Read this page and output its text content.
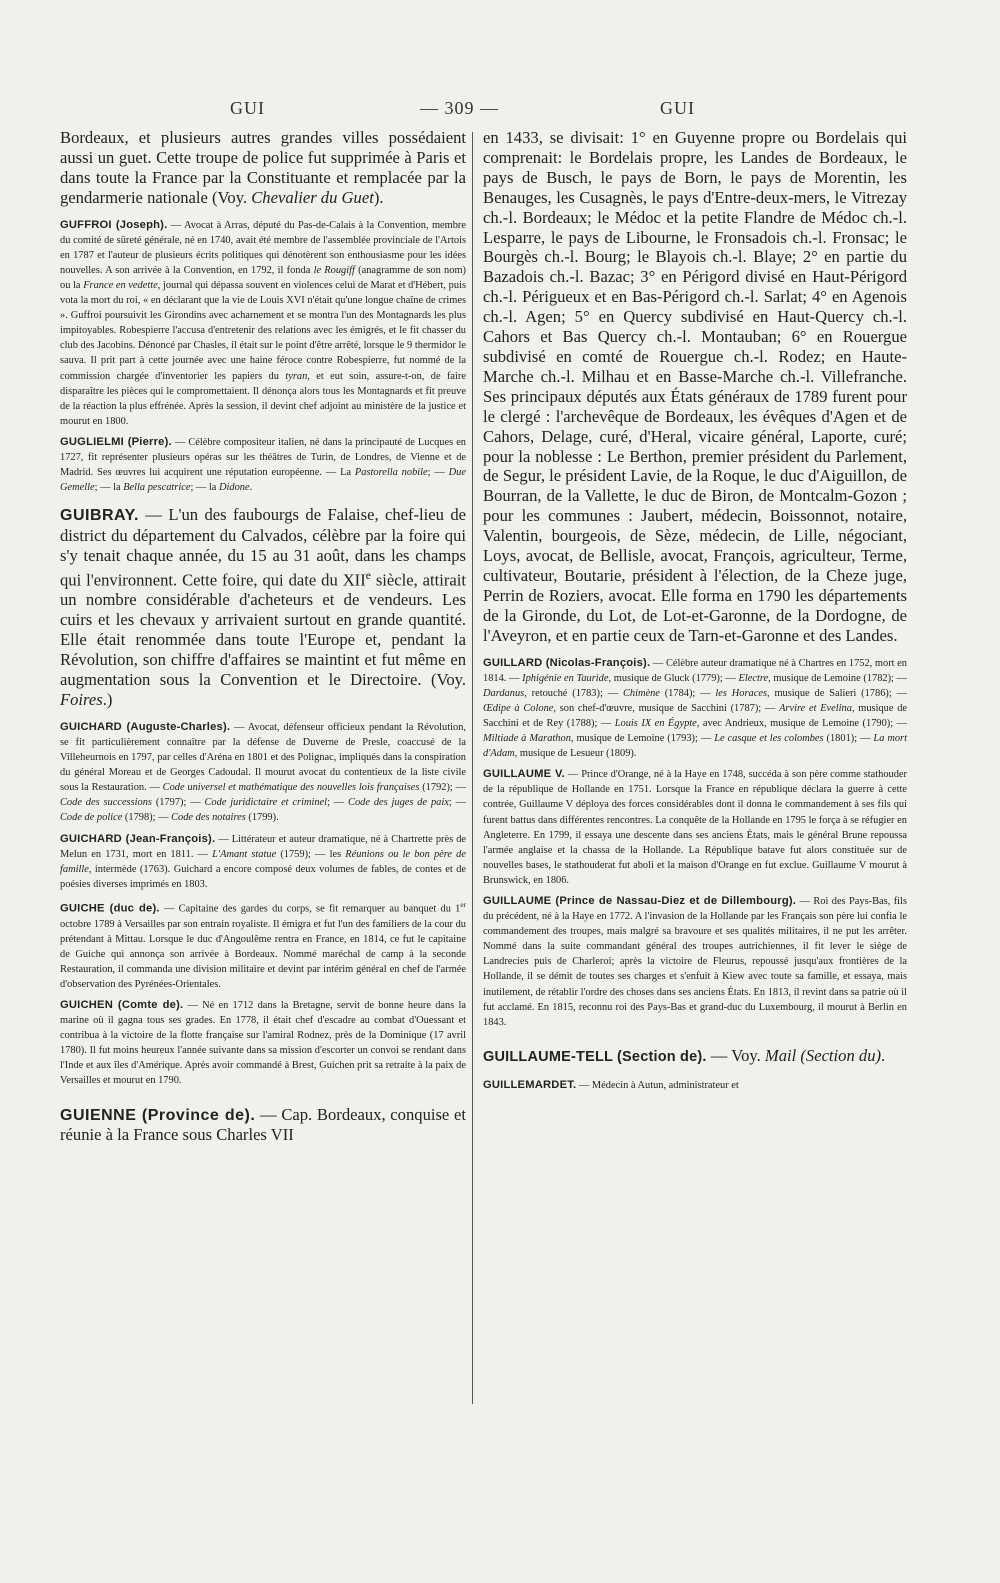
GUI	— 309 —	GUI

Bordeaux, et plusieurs autres grandes villes possédaient aussi un guet. Cette troupe de police fut supprimée à Paris et dans toute la France par la Constituante et remplacée par la gendarmerie nationale (Voy. Chevalier du Guet).

GUFFROI (Joseph). — Avocat à Arras, député du Pas-de-Calais à la Convention, membre du comité de sûreté générale, né en 1740, avait été membre de l'assemblée provinciale de l'Artois en 1787 et l'auteur de plusieurs écrits politiques qui dénotèrent son enthousiasme pour les idées nouvelles. A son arrivée à la Convention, en 1792, il fonda le Rougiff (anagramme de son nom) ou la France en vedette, journal qui dépassa souvent en violences celui de Marat et d'Hébert, puis vota la mort du roi, « en déclarant que la vie de Louis XVI n'était qu'une longue chaîne de crimes ». Guffroi poursuivit les Girondins avec acharnement et se montra l'un des Montagnards les plus impitoyables. Robespierre l'accusa d'entretenir des relations avec les émigrés, et le fit chasser du club des Jacobins. Dénoncé par Chasles, il était sur le point d'être arrêté, lorsque le 9 thermidor le sauva. Il prit part à cette journée avec une haine féroce contre Robespierre, fut nommé de la commission chargée d'inventorier les papiers du tyran, et eut soin, assure-t-on, de faire disparaître les pièces qui le compromettaient. Il dénonça alors tous les Montagnards et fit preuve de la réaction la plus effrénée. Après la session, il devint chef adjoint au ministère de la justice et mourut en 1800.

GUGLIELMI (Pierre). — Célèbre compositeur italien, né dans la principauté de Lucques en 1727, fit représenter plusieurs opéras sur les théâtres de Turin, de Londres, de Vienne et de Madrid. Ses œuvres lui acquirent une réputation européenne. — La Pastorella nobile; — Due Gemelle; — la Bella pescatrice; — la Didone.

GUIBRAY. — L'un des faubourgs de Falaise, chef-lieu de district du département du Calvados, célèbre par la foire qui s'y tenait chaque année, du 15 au 31 août, dans les champs qui l'environnent. Cette foire, qui date du XIIe siècle, attirait un nombre considérable d'acheteurs et de vendeurs. Les cuirs et les chevaux y arrivaient surtout en grande quantité. Elle était renommée dans toute l'Europe et, pendant la Révolution, son chiffre d'affaires se maintint et fut même en augmentation sous la Convention et le Directoire. (Voy. Foires.)

GUICHARD (Auguste-Charles). — Avocat, défenseur officieux pendant la Révolution, se fit particulièrement connaître par la défense de Duverne de Presle, coaccusé de la Villeheurnois en 1797, par celles d'Aréna en 1801 et des Polignac, impliqués dans la conspiration du général Moreau et de Georges Cadoudal. Il mourut avocat du contentieux de la liste civile sous la Restauration. — Code universel et mathématique des nouvelles lois françaises (1792); — Code des successions (1797); — Code juridictaire et criminel; — Code des juges de paix; — Code de police (1798); — Code des notaires (1799).

GUICHARD (Jean-François). — Littérateur et auteur dramatique, né à Chartrette près de Melun en 1731, mort en 1811. — L'Amant statue (1759); — les Réunions ou le bon père de famille, intermède (1763). Guichard a encore composé deux volumes de fables, de contes et de poésies diverses imprimés en 1803.

GUICHE (duc de). — Capitaine des gardes du corps, se fit remarquer au banquet du 1er octobre 1789 à Versailles par son entrain royaliste. Il émigra et fut l'un des familiers de la cour du prétendant à Mittau. Lorsque le duc d'Angoulême rentra en France, en 1814, ce fut le capitaine de Guiche qui annonça son arrivée à Bordeaux. Nommé maréchal de camp à la seconde Restauration, il commanda une division militaire et devint par intérim général en chef de l'armée d'observation des Pyrénées-Orientales.

GUICHEN (Comte de). — Né en 1712 dans la Bretagne, servit de bonne heure dans la marine où il gagna tous ses grades. En 1778, il était chef d'escadre au combat d'Ouessant et contribua à la victoire de la flotte française sur l'amiral Rodnez, près de la Dominique (17 avril 1780). Il fut moins heureux l'année suivante dans sa mission d'escorter un convoi se rendant dans l'Inde et aux îles d'Amérique. Après avoir commandé à Brest, Guichen prit sa retraite à la paix de Versailles et mourut en 1790.

GUIENNE (Province de). — Cap. Bordeaux, conquise et réunie à la France sous Charles VII

en 1433, se divisait: 1° en Guyenne propre ou Bordelais qui comprenait: le Bordelais propre, les Landes de Bordeaux, le pays de Busch, le pays de Born, le pays de Morentin, les Benauges, les Cusagnès, le pays d'Entre-deux-mers, le Vitrezay ch.-l. Bordeaux; le Médoc et la petite Flandre de Médoc ch.-l. Lesparre, le pays de Libourne, le Fronsadois ch.-l. Fronsac; le Bourgès ch.-l. Bourg; le Blayois ch.-l. Blaye; 2° en partie du Bazadois ch.-l. Bazac; 3° en Périgord divisé en Haut-Périgord ch.-l. Périgueux et en Bas-Périgord ch.-l. Sarlat; 4° en Agenois ch.-l. Agen; 5° en Quercy subdivisé en Haut-Quercy ch.-l. Cahors et Bas Quercy ch.-l. Montauban; 6° en Rouergue subdivisé en comté de Rouergue ch.-l. Rodez; en Haute-Marche ch.-l. Milhau et en Basse-Marche ch.-l. Villefranche. Ses principaux députés aux États généraux de 1789 furent pour le clergé : l'archevêque de Bordeaux, les évêques d'Agen et de Cahors, Delage, curé, d'Heral, vicaire général, Laporte, curé; pour la noblesse : Le Berthon, premier président du Parlement, de Segur, le président Lavie, de la Roque, le duc d'Aiguillon, de Bourran, de la Vallette, le duc de Biron, de Montcalm-Gozon ; pour les communes : Jaubert, médecin, Boissonnot, notaire, Valentin, bourgeois, de Sèze, médecin, de Lille, négociant, Loys, avocat, de Bellisle, avocat, François, agriculteur, Terme, cultivateur, Boutarie, président à l'élection, de la Cheze juge, Perrin de Roziers, avocat. Elle forma en 1790 les départements de la Gironde, du Lot, de Lot-et-Garonne, de la Dordogne, de l'Aveyron, et en partie ceux de Tarn-et-Garonne et des Landes.

GUILLARD (Nicolas-François). — Célèbre auteur dramatique né à Chartres en 1752, mort en 1814. — Iphigénie en Tauride, musique de Gluck (1779); — Electre, musique de Lemoine (1782); — Dardanus, retouché (1783); — Chimène (1784); — les Horaces, musique de Salieri (1786); — Œdipe à Colone, son chef-d'œuvre, musique de Sacchini (1787); — Arvire et Evelina, musique de Sacchini et de Rey (1788); — Louis IX en Égypte, avec Andrieux, musique de Lemoine (1790); — Miltiade à Marathon, musique de Lemoine (1793); — Le casque et les colombes (1801); — La mort d'Adam, musique de Lesueur (1809).

GUILLAUME V. — Prince d'Orange, né à la Haye en 1748, succéda à son père comme stathouder de la république de Hollande en 1751. Lorsque la France en république déclara la guerre à cette contrée, Guillaume V déploya des forces considérables dont il donna le commandement à ses fils qui furent battus dans différentes rencontres. La conquête de la Hollande en 1795 le força à se réfugier en Angleterre. En 1799, il essaya une descente dans ses anciens États, mais le général Brune repoussa l'armée anglaise et la chassa de la Hollande. La République batave fut alors constituée sur de nouvelles bases, le stathouderat fut aboli et la maison d'Orange en fut exclue. Guillaume V mourut à Brunswick, en 1806.

GUILLAUME (Prince de Nassau-Diez et de Dillembourg). — Roi des Pays-Bas, fils du précédent, né à la Haye en 1772. A l'invasion de la Hollande par les Français son père lui confia le commandement des troupes, mais malgré sa bravoure et ses qualités militaires, il ne put les arrêter. Nommé dans la suite commandant général des troupes autrichiennes, il fit lever le siège de Landrecies puis de Charleroi; après la victoire de Fleurus, repoussé jusqu'aux frontières de la Hollande, il se démit de toutes ses charges et s'enfuit à Kiew avec toute sa famille, et essaya, mais inutilement, de rétablir l'ordre des choses dans ses anciens États. En 1813, il revint dans sa patrie où il fut acclamé. En 1815, reconnu roi des Pays-Bas et grand-duc du Luxembourg, il mourut à Berlin en 1843.

GUILLAUME-TELL (Section de). — Voy. Mail (Section du).

GUILLEMARDET. — Médecin à Autun, administrateur et
